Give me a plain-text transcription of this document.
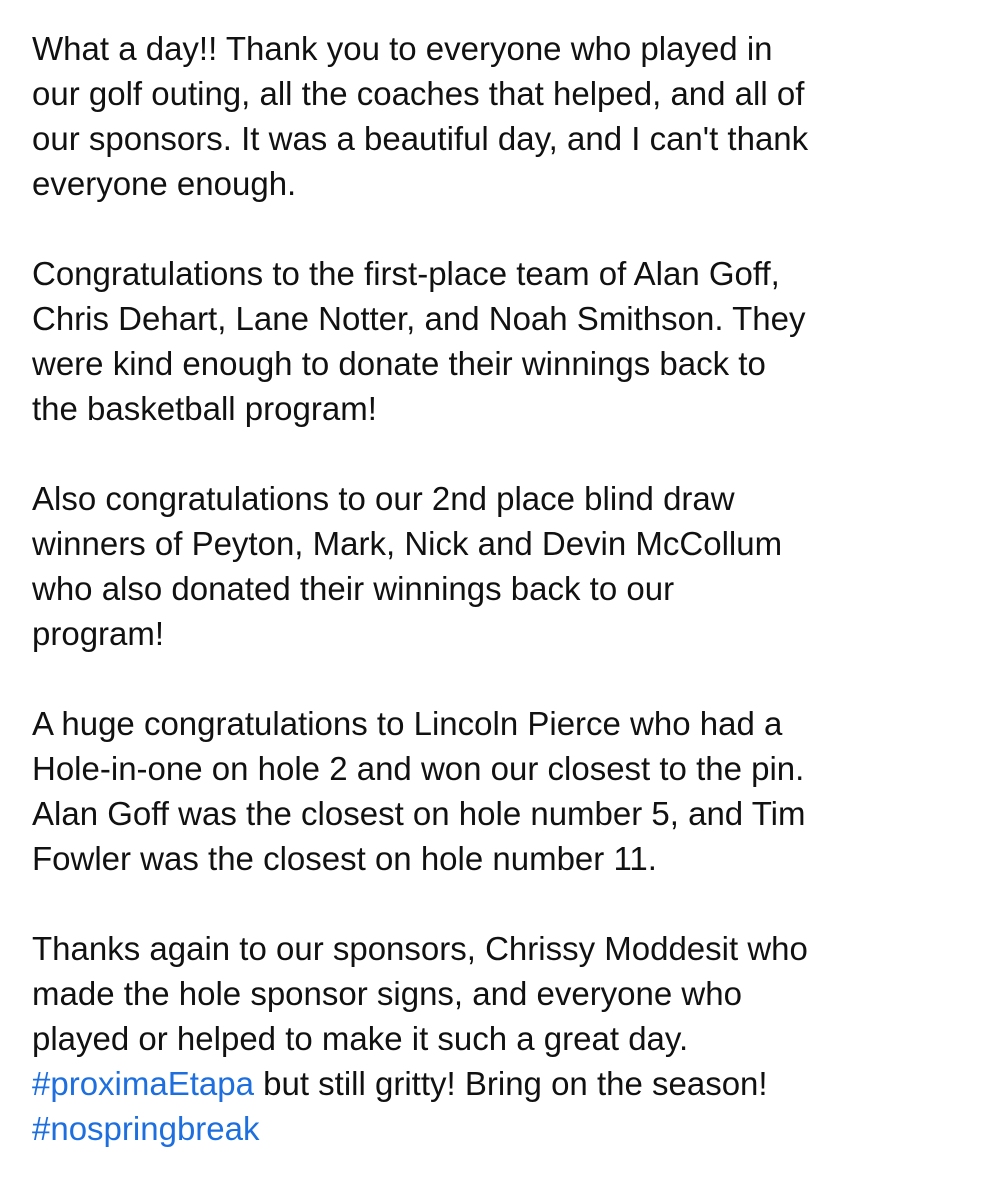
What a day!! Thank you to everyone who played in
our golf outing, all the coaches that helped, and all of
our sponsors. It was a beautiful day, and I can't thank
everyone enough.

Congratulations to the first-place team of Alan Goff,
Chris Dehart, Lane Notter, and Noah Smithson. They
were kind enough to donate their winnings back to
the basketball program!

Also congratulations to our 2nd place blind draw
winners of Peyton, Mark, Nick and Devin McCollum
who also donated their winnings back to our
program!

A huge congratulations to Lincoln Pierce who had a
Hole-in-one on hole 2 and won our closest to the pin.
Alan Goff was the closest on hole number 5, and Tim
Fowler was the closest on hole number 11.

Thanks again to our sponsors, Chrissy Moddesit who
made the hole sponsor signs, and everyone who
played or helped to make it such a great day.
#proximaEtapa but still gritty! Bring on the season!
#nospringbreak
